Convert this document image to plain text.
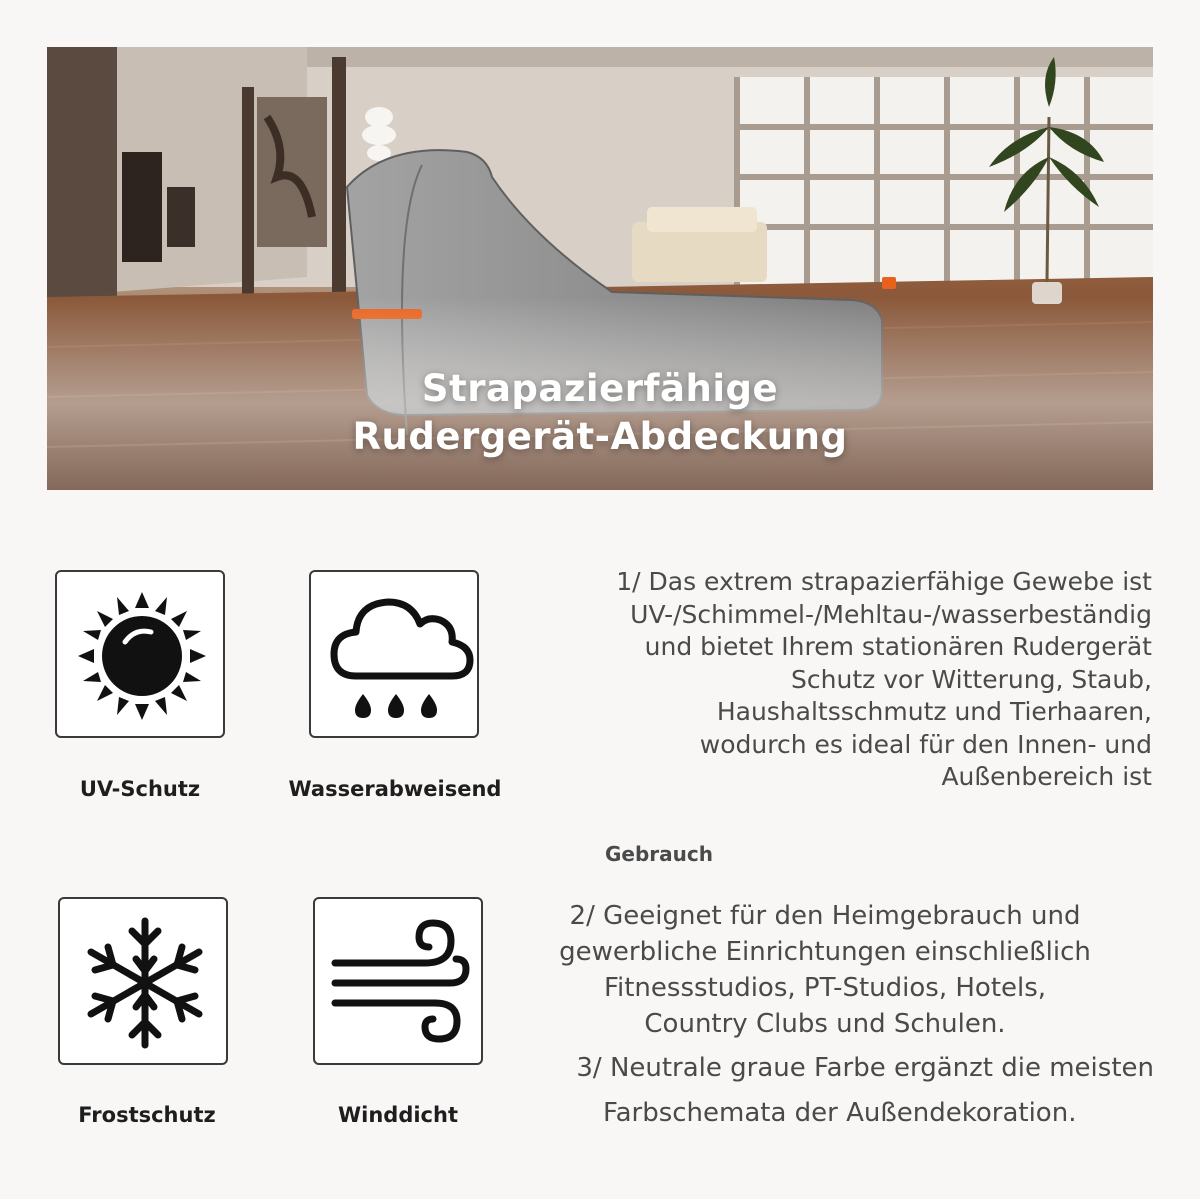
Strapazierfähige
Rudergerät-Abdeckung
UV-Schutz	Wasserabweisend
Frostschutz	Winddicht
1/ Das extrem strapazierfähige Gewebe ist
UV-/Schimmel-/Mehltau-/wasserbeständig
und bietet Ihrem stationären Rudergerät
Schutz vor Witterung, Staub,
Haushaltsschmutz und Tierhaaren,
wodurch es ideal für den Innen- und
Außenbereich ist
Gebrauch
2/ Geeignet für den Heimgebrauch und
gewerbliche Einrichtungen einschließlich
Fitnessstudios, PT-Studios, Hotels,
Country Clubs und Schulen.
3/ Neutrale graue Farbe ergänzt die meisten
Farbschemata der Außendekoration.
